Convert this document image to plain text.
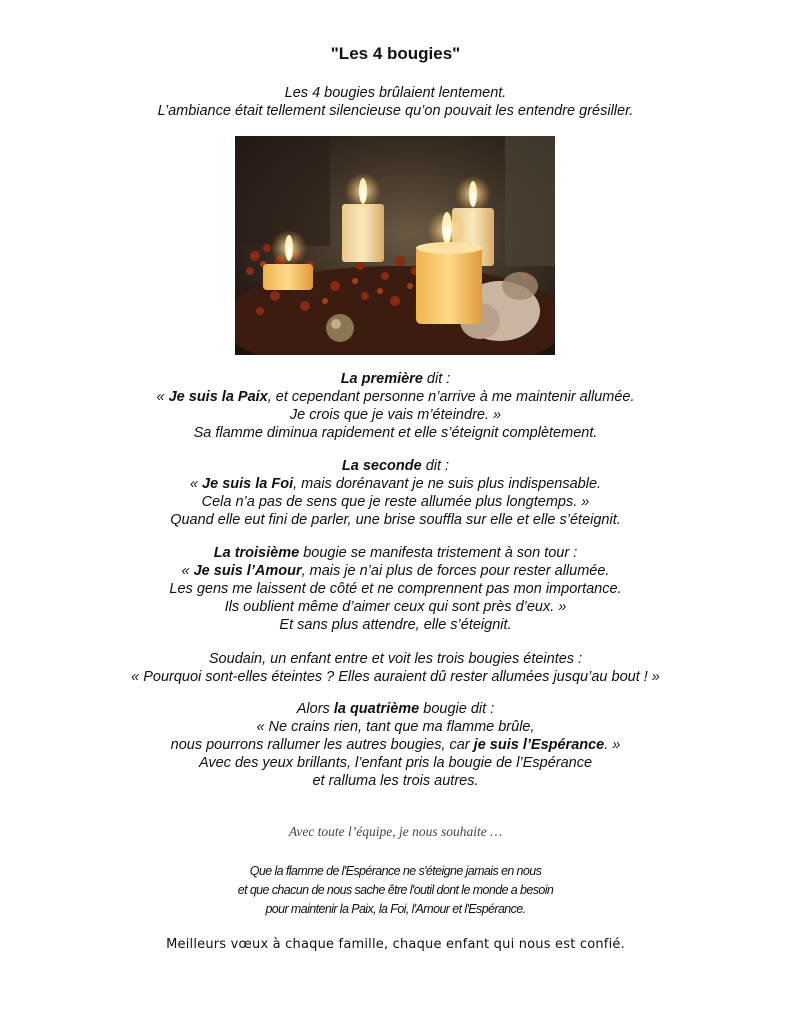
"Les 4 bougies"
Les 4 bougies brûlaient lentement.
L’ambiance était tellement silencieuse qu’on pouvait les entendre grésiller.
La première dit :
« Je suis la Paix, et cependant personne n’arrive à me maintenir allumée.
Je crois que je vais m’éteindre. »
Sa flamme diminua rapidement et elle s’éteignit complètement.
La seconde dit :
« Je suis la Foi, mais dorénavant je ne suis plus indispensable.
Cela n’a pas de sens que je reste allumée plus longtemps. »
Quand elle eut fini de parler, une brise souffla sur elle et elle s’éteignit.
La troisième bougie se manifesta tristement à son tour :
« Je suis l’Amour, mais je n’ai plus de forces pour rester allumée.
Les gens me laissent de côté et ne comprennent pas mon importance.
Ils oublient même d’aimer ceux qui sont près d’eux. »
Et sans plus attendre, elle s’éteignit.
Soudain, un enfant entre et voit les trois bougies éteintes :
« Pourquoi sont-elles éteintes ? Elles auraient dû rester allumées jusqu’au bout ! »
Alors la quatrième bougie dit :
« Ne crains rien, tant que ma flamme brûle,
nous pourrons rallumer les autres bougies, car je suis l’Espérance. »
Avec des yeux brillants, l’enfant pris la bougie de l’Espérance
et ralluma les trois autres.
Avec toute l’équipe, je nous souhaite …
Que la flamme de l'Espérance ne s'éteigne jamais en nous
et que chacun de nous sache être l'outil dont le monde a besoin
pour maintenir la Paix, la Foi, l'Amour et l'Espérance.
Meilleurs vœux à chaque famille, chaque enfant qui nous est confié.
